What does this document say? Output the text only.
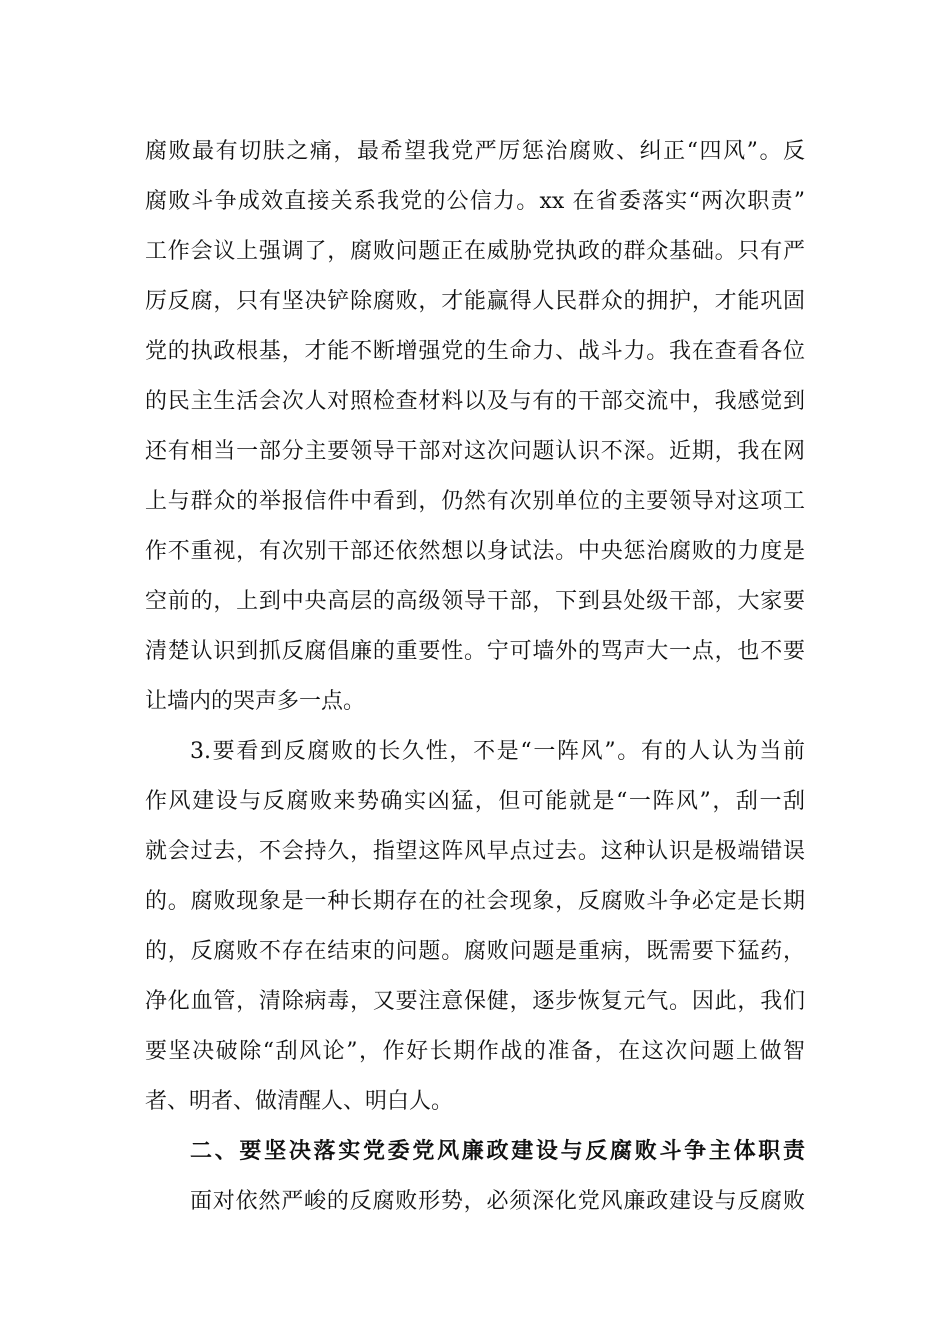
腐败最有切肤之痛，最希望我党严厉惩治腐败、纠正“四风”。反
腐败斗争成效直接关系我党的公信力。xx 在省委落实“两次职责”
工作会议上强调了，腐败问题正在威胁党执政的群众基础。只有严
厉反腐，只有坚决铲除腐败，才能赢得人民群众的拥护，才能巩固
党的执政根基，才能不断增强党的生命力、战斗力。我在查看各位
的民主生活会次人对照检查材料以及与有的干部交流中，我感觉到
还有相当一部分主要领导干部对这次问题认识不深。近期，我在网
上与群众的举报信件中看到，仍然有次别单位的主要领导对这项工
作不重视，有次别干部还依然想以身试法。中央惩治腐败的力度是
空前的，上到中央高层的高级领导干部，下到县处级干部，大家要
清楚认识到抓反腐倡廉的重要性。宁可墙外的骂声大一点，也不要
让墙内的哭声多一点。
3.要看到反腐败的长久性，不是“一阵风”。有的人认为当前
作风建设与反腐败来势确实凶猛，但可能就是“一阵风”，刮一刮
就会过去，不会持久，指望这阵风早点过去。这种认识是极端错误
的。腐败现象是一种长期存在的社会现象，反腐败斗争必定是长期
的，反腐败不存在结束的问题。腐败问题是重病，既需要下猛药，
净化血管，清除病毒，又要注意保健，逐步恢复元气。因此，我们
要坚决破除“刮风论”，作好长期作战的准备，在这次问题上做智
者、明者、做清醒人、明白人。
二、要坚决落实党委党风廉政建设与反腐败斗争主体职责
面对依然严峻的反腐败形势，必须深化党风廉政建设与反腐败
